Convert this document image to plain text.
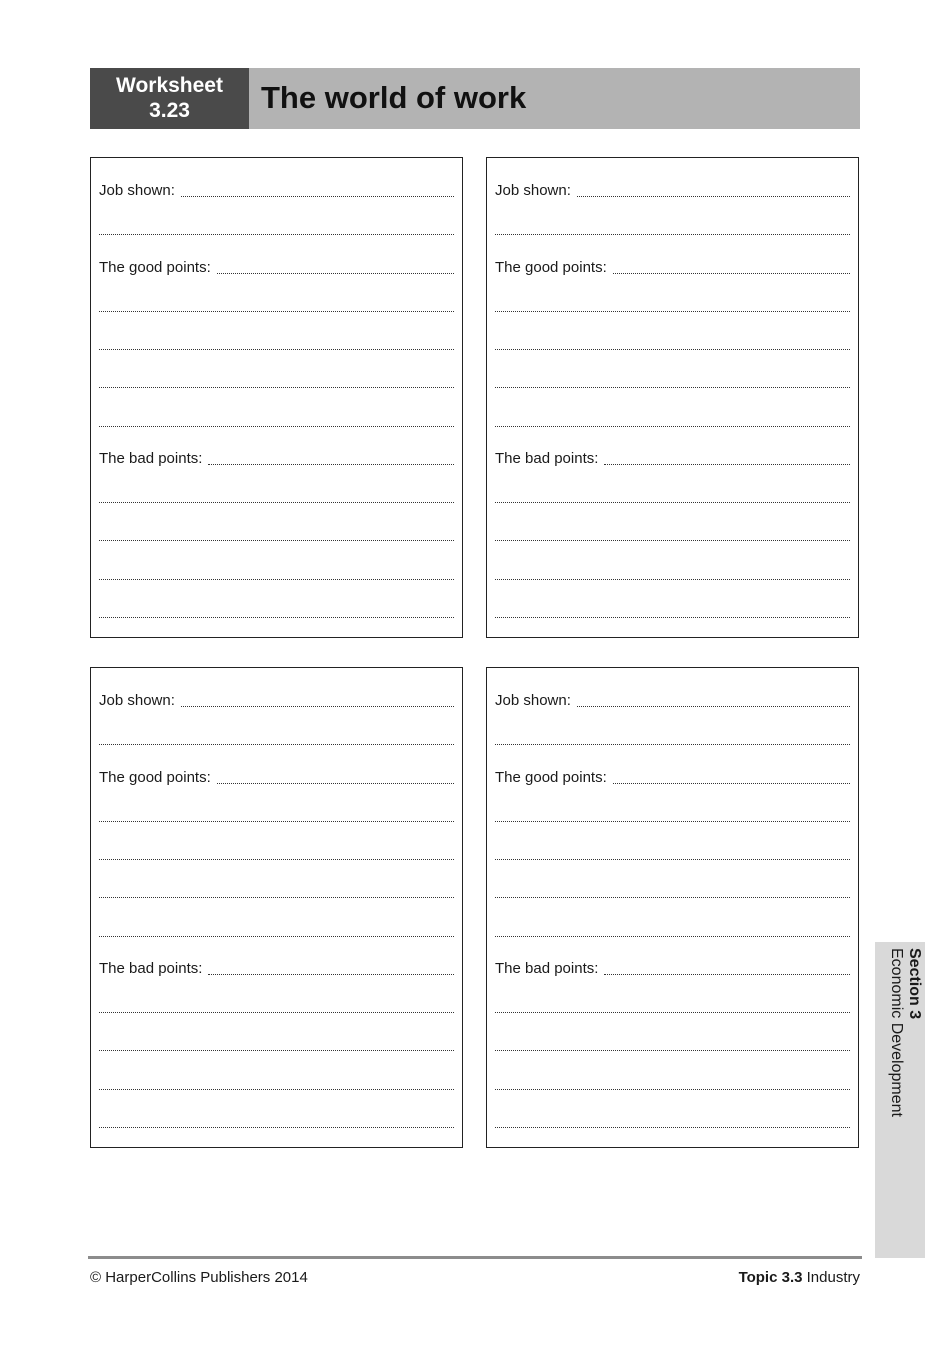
Worksheet
3.23	The world of work
Job shown:
The good points:
The bad points:
Job shown:
The good points:
The bad points:
Job shown:
The good points:
The bad points:
Job shown:
The good points:
The bad points:	Section 3
Economic Development
© HarperCollins Publishers 2014	Topic 3.3 Industry
